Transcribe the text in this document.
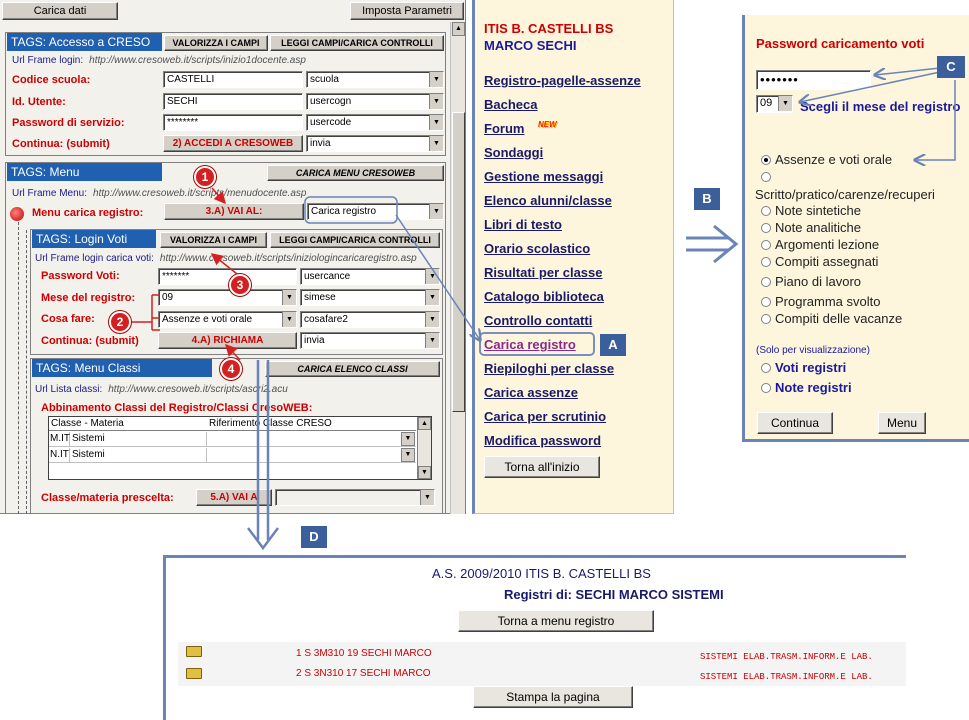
Carica dati	Imposta Parametri
▲
TAGS: Accesso a CRESO	VALORIZZA I CAMPI	LEGGI CAMPI/CARICA CONTROLLI
Url Frame login: http://www.cresoweb.it/scripts/inizio1docente.asp
Codice scuola:	CASTELLI	scuola	▼
Id. Utente:	SECHI	usercogn	▼
Password di servizio:	********	usercode	▼
Continua: (submit)	2) ACCEDI A CRESOWEB	invia	▼
TAGS: Menu	CARICA MENU CRESOWEB
Url Frame Menu: http://www.cresoweb.it/scripts/menudocente.asp
Menu carica registro:	3.A) VAI AL:	Carica registro	▼
TAGS: Login Voti	VALORIZZA I CAMPI	LEGGI CAMPI/CARICA CONTROLLI
Url Frame login carica voti: http://www.cresoweb.it/scripts/iniziologincaricaregistro.asp
Password Voti:	*******	usercance	▼
Mese del registro:	09	▼	simese	▼
Cosa fare:	Assenze e voti orale	▼	cosafare2	▼
Continua: (submit)	4.A) RICHIAMA	invia	▼
TAGS: Menu Classi	CARICA ELENCO CLASSI
Url Lista classi: http://www.cresoweb.it/scripts/ascri2.acu
Abbinamento Classi del Registro/Classi CresoWEB:
Classe - Materia	Riferimento Classe CRESO
M.IT Sistemi	▼
N.IT Sistemi	▼
▲
▼
Classe/materia prescelta:	5.A) VAI A	▼
ITIS B. CASTELLI BS
MARCO SECHI
Registro-pagelle-assenze
Bacheca
Forum NEW
Sondaggi
Gestione messaggi
Elenco alunni/classe
Libri di testo
Orario scolastico
Risultati per classe
Catalogo biblioteca
Controllo contatti
Carica registro
Riepiloghi per classe
Carica assenze
Carica per scrutinio
Modifica password
Torna all'inizio
Password caricamento voti
•••••••
09	▼ Scegli il mese del registro
Assenze e voti orale

Scritto/pratico/carenze/recuperi
Note sintetiche
Note analitiche
Argomenti lezione
Compiti assegnati
Piano di lavoro
Programma svolto
Compiti delle vacanze
(Solo per visualizzazione)
Voti registri
Note registri
Continua	Menu
A.S. 2009/2010 ITIS B. CASTELLI BS
Registri di: SECHI MARCO SISTEMI
Torna a menu registro
1 S 3M310 19 SECHI MARCO	SISTEMI ELAB.TRASM.INFORM.E LAB.
2 S 3N310 17 SECHI MARCO	SISTEMI ELAB.TRASM.INFORM.E LAB.
Stampa la pagina
1
2
3
4
A
B
C
D
